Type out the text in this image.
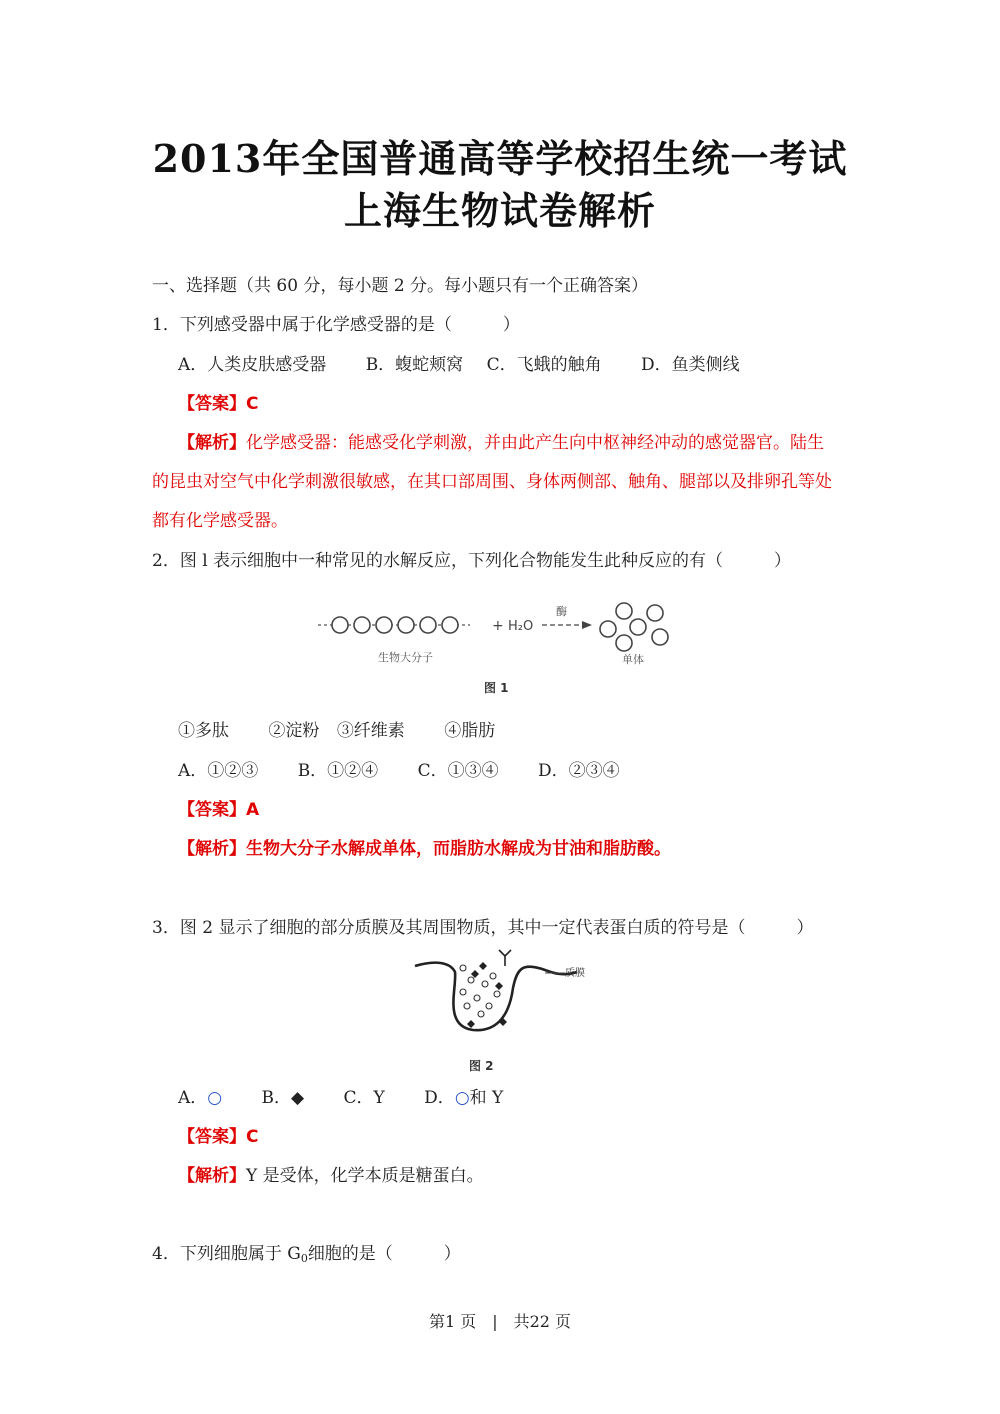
2013年全国普通高等学校招生统一考试
上海生物试卷解析
一、选择题（共 60 分，每小题 2 分。每小题只有一个正确答案）
1．下列感受器中属于化学感受器的是（　　　）
A．人类皮肤感受器 B．蝮蛇颊窝 C．飞蛾的触角 D．鱼类侧线
【答案】C
【解析】化学感受器：能感受化学刺激，并由此产生向中枢神经冲动的感觉器官。陆生
的昆虫对空气中化学刺激很敏感，在其口部周围、身体两侧部、触角、腿部以及排卵孔等处
都有化学感受器。
2．图 l 表示细胞中一种常见的水解反应，下列化合物能发生此种反应的有（　　　）
+ H₂O
酶
生物大分子	单体
图 1
①多肽 ②淀粉 ③纤维素 ④脂肪
A．①②③ B．①②④ C．①③④ D．②③④
【答案】A
【解析】生物大分子水解成单体，而脂肪水解成为甘油和脂肪酸。
3．图 2 显示了细胞的部分质膜及其周围物质，其中一定代表蛋白质的符号是（　　　）
质膜
图 2
A．○ B．◆ C．Y D．○和 Y
【答案】C
【解析】Y 是受体，化学本质是糖蛋白。
4．下列细胞属于 $G_0$细胞的是（　　　）
第1 页　|　共22 页
